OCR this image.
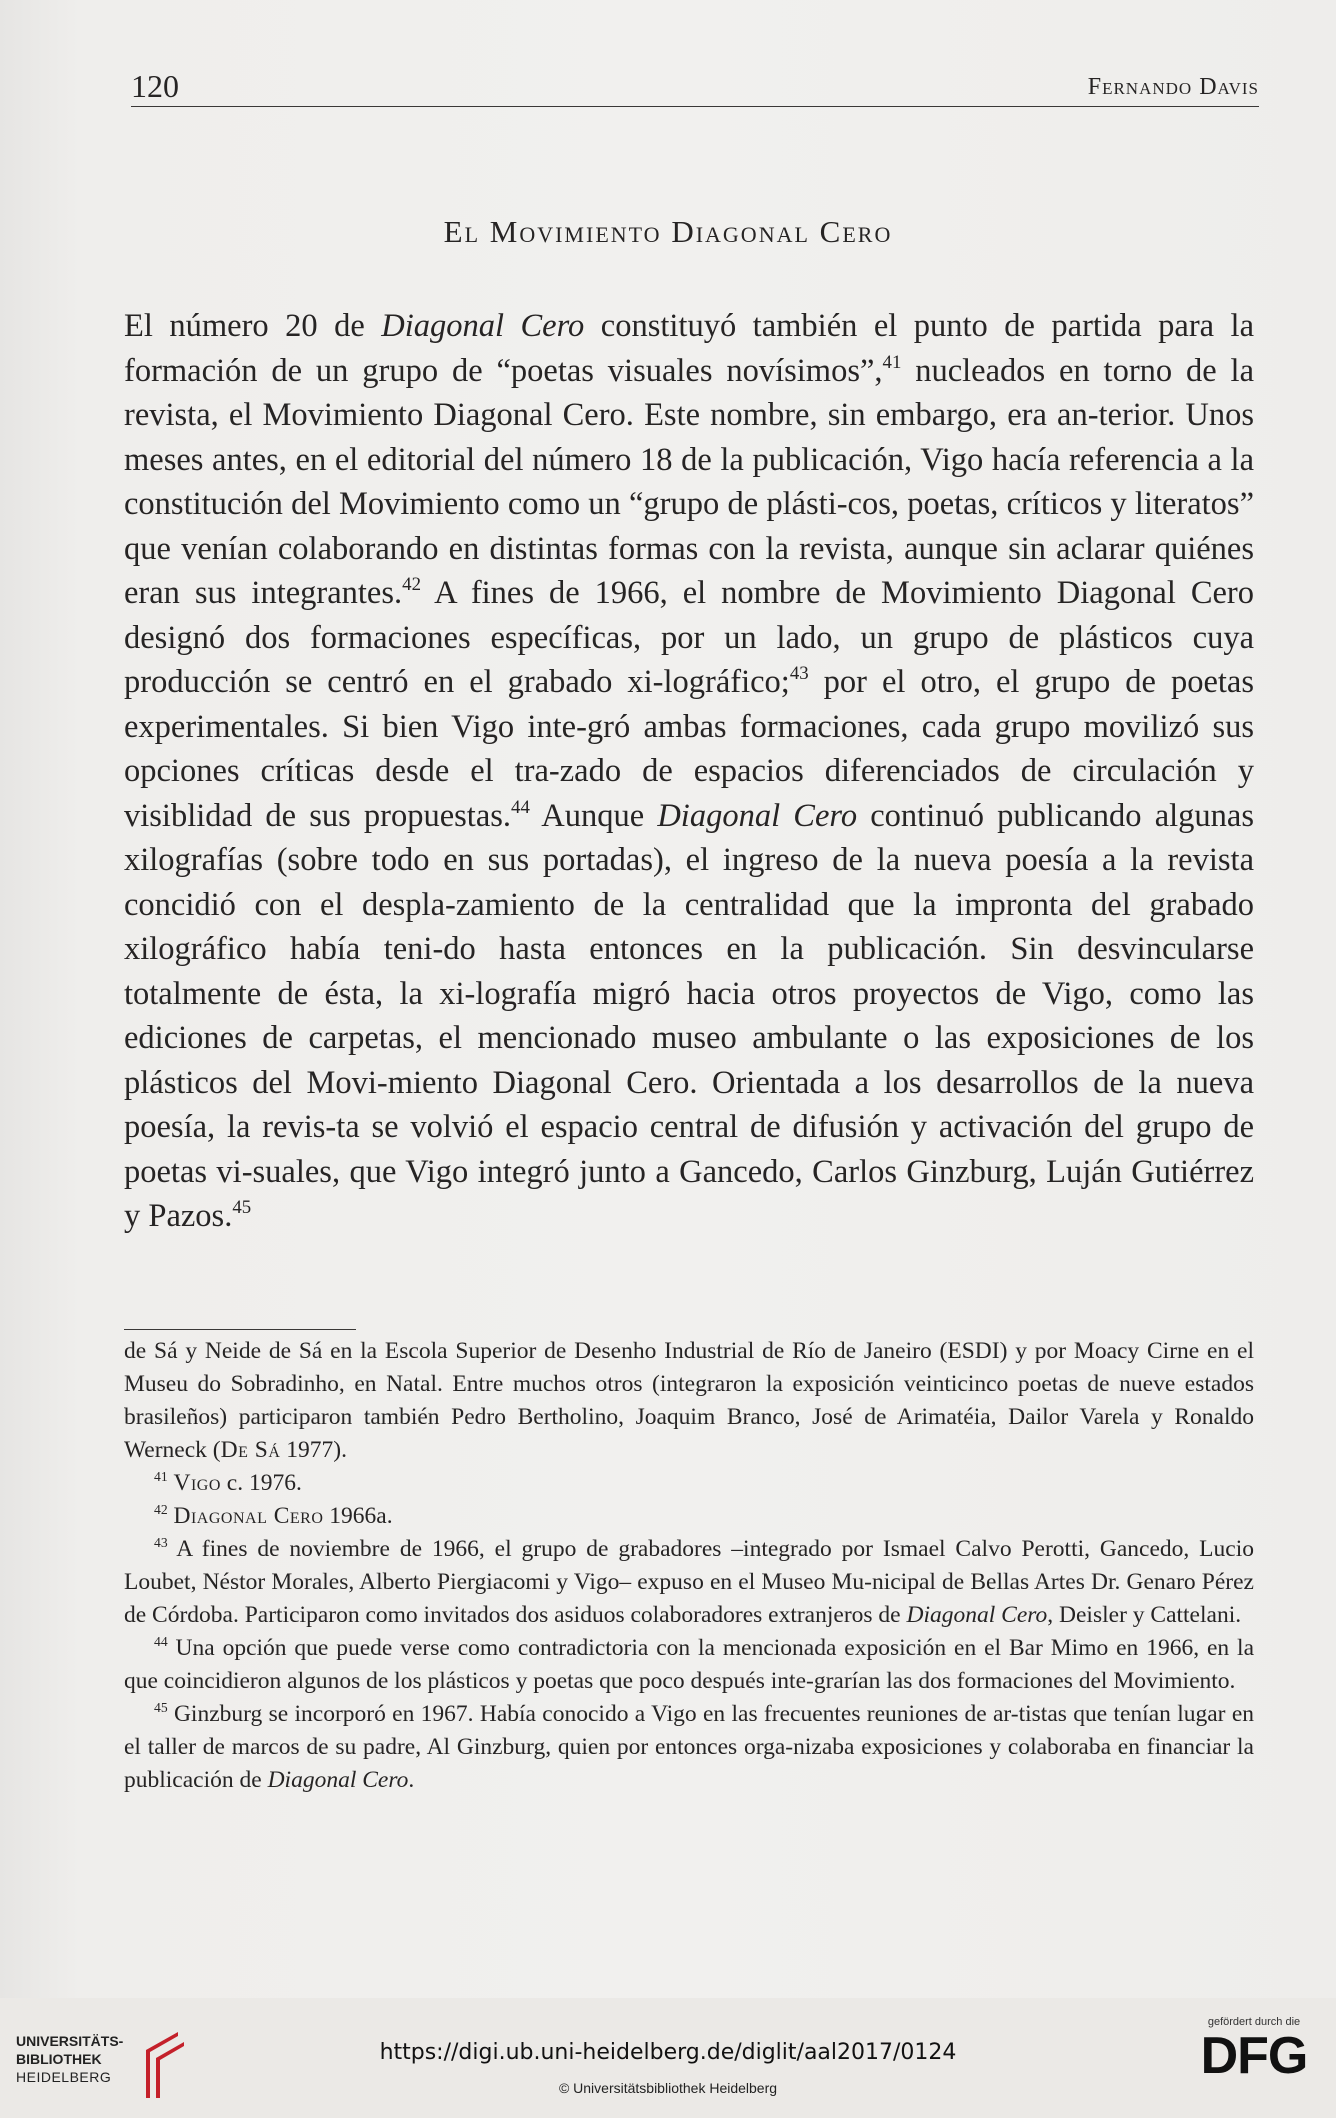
120	Fernando Davis
El Movimiento Diagonal Cero

El número 20 de Diagonal Cero constituyó también el punto de partida para la formación de un grupo de “poetas visuales novísimos”,$^{41}$ nucleados en torno de la revista, el Movimiento Diagonal Cero. Este nombre, sin embargo, era an-terior. Unos meses antes, en el editorial del número 18 de la publicación, Vigo hacía referencia a la constitución del Movimiento como un “grupo de plásti-cos, poetas, críticos y literatos” que venían colaborando en distintas formas con la revista, aunque sin aclarar quiénes eran sus integrantes.$^{42}$ A fines de 1966, el nombre de Movimiento Diagonal Cero designó dos formaciones específicas, por un lado, un grupo de plásticos cuya producción se centró en el grabado xi-lográfico;$^{43}$ por el otro, el grupo de poetas experimentales. Si bien Vigo inte-gró ambas formaciones, cada grupo movilizó sus opciones críticas desde el tra-zado de espacios diferenciados de circulación y visiblidad de sus propuestas.$^{44}$ Aunque Diagonal Cero continuó publicando algunas xilografías (sobre todo en sus portadas), el ingreso de la nueva poesía a la revista concidió con el despla-zamiento de la centralidad que la impronta del grabado xilográfico había teni-do hasta entonces en la publicación. Sin desvincularse totalmente de ésta, la xi-lografía migró hacia otros proyectos de Vigo, como las ediciones de carpetas, el mencionado museo ambulante o las exposiciones de los plásticos del Movi-miento Diagonal Cero. Orientada a los desarrollos de la nueva poesía, la revis-ta se volvió el espacio central de difusión y activación del grupo de poetas vi-suales, que Vigo integró junto a Gancedo, Carlos Ginzburg, Luján Gutiérrez y Pazos.$^{45}$

de Sá y Neide de Sá en la Escola Superior de Desenho Industrial de Río de Janeiro (ESDI) y por Moacy Cirne en el Museu do Sobradinho, en Natal. Entre muchos otros (integraron la exposición veinticinco poetas de nueve estados brasileños) participaron también Pedro Bertholino, Joaquim Branco, José de Arimatéia, Dailor Varela y Ronaldo Werneck (De Sá 1977).

$^{41}$ Vigo c. 1976.

$^{42}$ Diagonal Cero 1966a.

$^{43}$ A fines de noviembre de 1966, el grupo de grabadores –integrado por Ismael Calvo Perotti, Gancedo, Lucio Loubet, Néstor Morales, Alberto Piergiacomi y Vigo– expuso en el Museo Mu-nicipal de Bellas Artes Dr. Genaro Pérez de Córdoba. Participaron como invitados dos asiduos colaboradores extranjeros de Diagonal Cero, Deisler y Cattelani.

$^{44}$ Una opción que puede verse como contradictoria con la mencionada exposición en el Bar Mimo en 1966, en la que coincidieron algunos de los plásticos y poetas que poco después inte-grarían las dos formaciones del Movimiento.

$^{45}$ Ginzburg se incorporó en 1967. Había conocido a Vigo en las frecuentes reuniones de ar-tistas que tenían lugar en el taller de marcos de su padre, Al Ginzburg, quien por entonces orga-nizaba exposiciones y colaboraba en financiar la publicación de Diagonal Cero.

UNIVERSITÄTS-
BIBLIOTHEK
HEIDELBERG
https://digi.ub.uni-heidelberg.de/diglit/aal2017/0124
© Universitätsbibliothek Heidelberg
gefördert durch die
DFG
